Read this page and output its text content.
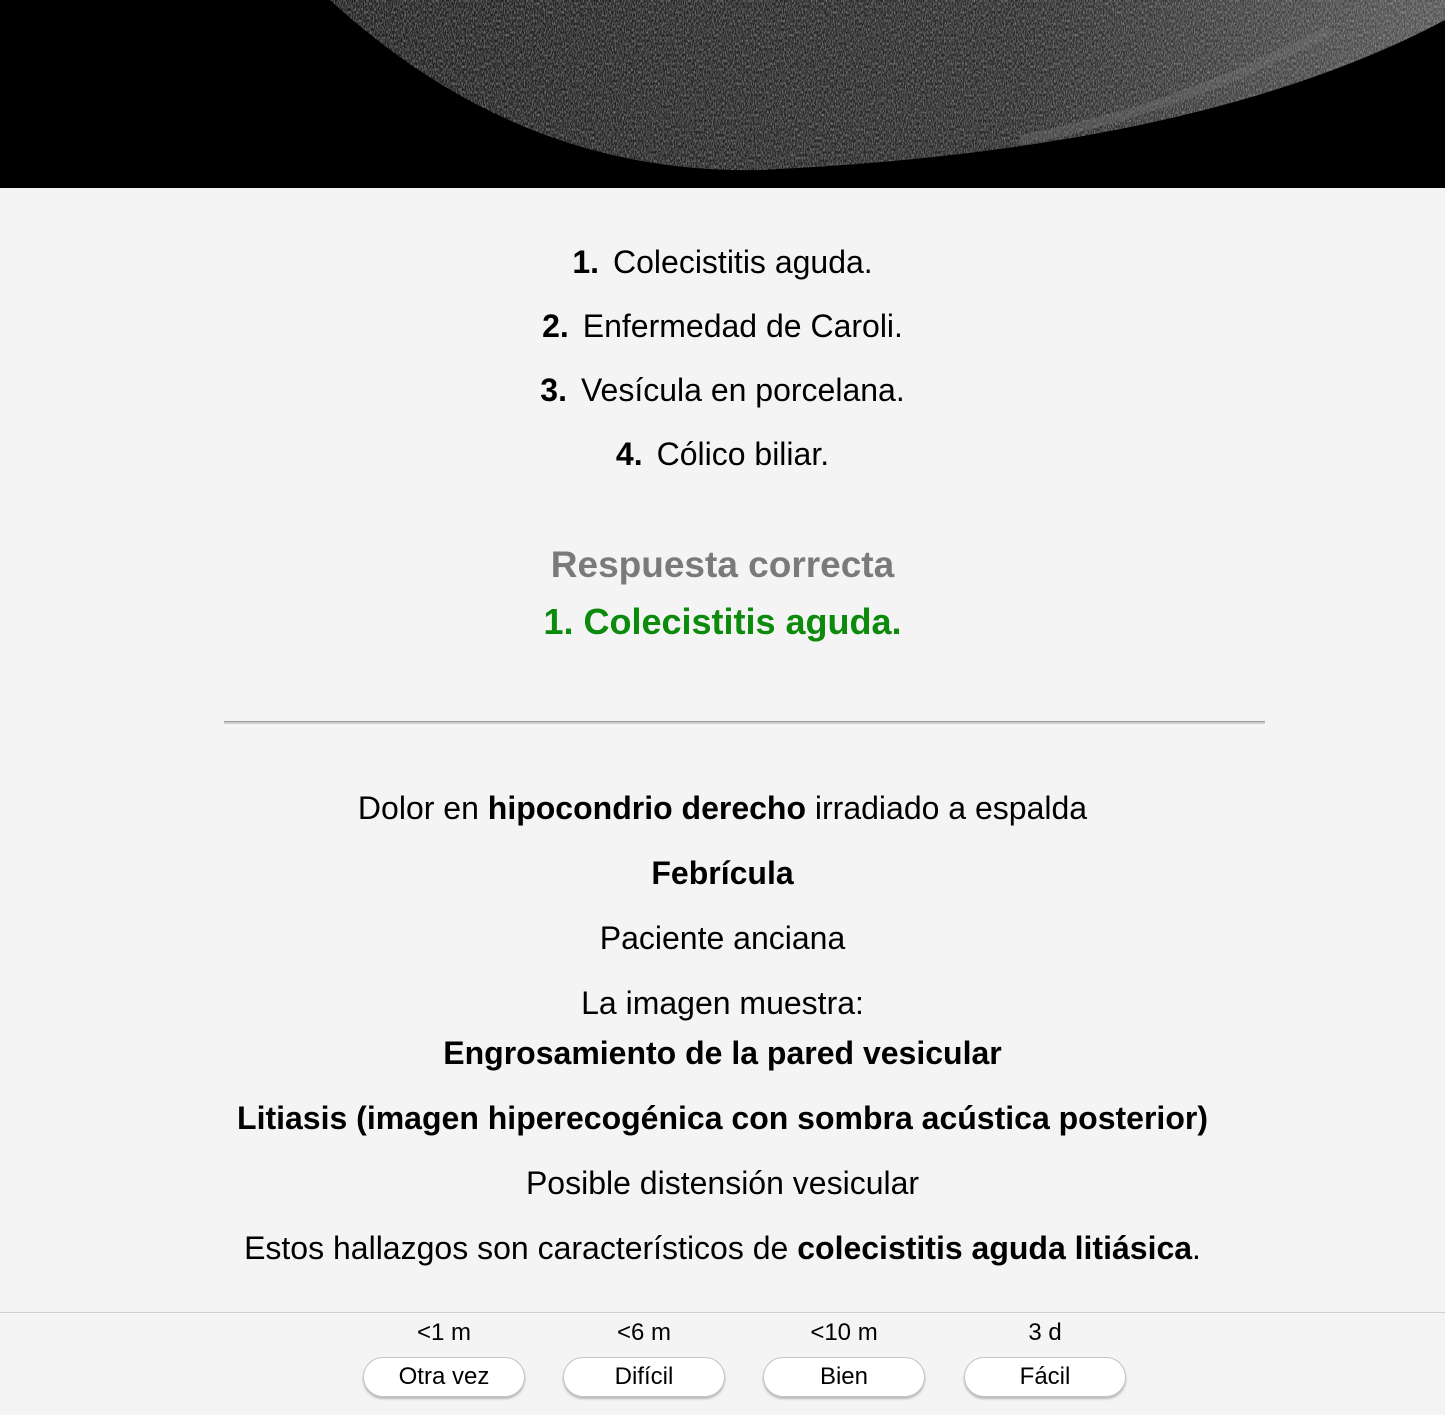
1. Colecistitis aguda.
2. Enfermedad de Caroli.
3. Vesícula en porcelana.
4. Cólico biliar.
Respuesta correcta
1. Colecistitis aguda.
Dolor en hipocondrio derecho irradiado a espalda
Febrícula
Paciente anciana
La imagen muestra:
Engrosamiento de la pared vesicular
Litiasis (imagen hiperecogénica con sombra acústica posterior)
Posible distensión vesicular
Estos hallazgos son característicos de colecistitis aguda litiásica.
<1 m
Otra vez
<6 m
Difícil
<10 m
Bien
3 d
Fácil
